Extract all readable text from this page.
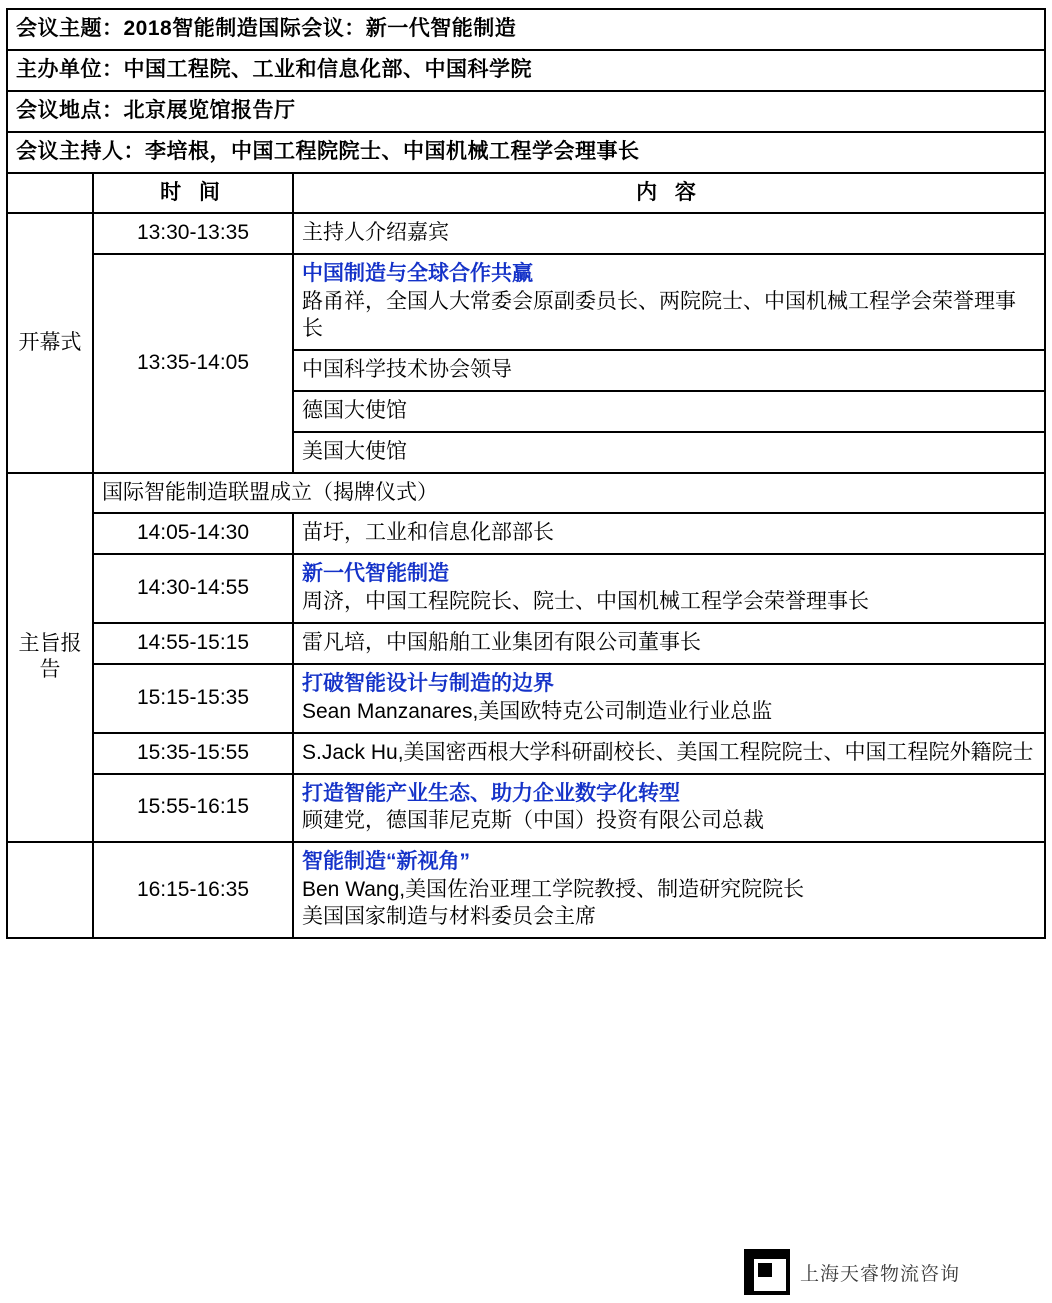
会议主题：2018智能制造国际会议：新一代智能制造		
主办单位：中国工程院、工业和信息化部、中国科学院		
会议地点：北京展览馆报告厅		
会议主持人：李培根，中国工程院院士、中国机械工程学会理事长		
	时 间	内 容
开幕式	13:30-13:35	主持人介绍嘉宾

	13:35-14:05	中国制造与全球合作共赢
路甬祥，全国人大常委会原副委员长、两院院士、中国机械工程学会荣誉理事长

		中国科学技术协会领导

		德国大使馆

		美国大使馆

主旨报告	国际智能制造联盟成立（揭牌仪式）	

	14:05-14:30	苗圩，工业和信息化部部长

	14:30-14:55	新一代智能制造
周济，中国工程院院长、院士、中国机械工程学会荣誉理事长

	14:55-15:15	雷凡培，中国船舶工业集团有限公司董事长

	15:15-15:35	打破智能设计与制造的边界
Sean Manzanares,美国欧特克公司制造业行业总监

	15:35-15:55	S.Jack Hu,美国密西根大学科研副校长、美国工程院院士、中国工程院外籍院士

	15:55-16:15	打造智能产业生态、助力企业数字化转型
顾建党，德国菲尼克斯（中国）投资有限公司总裁

	16:15-16:35	智能制造“新视角”
Ben Wang,美国佐治亚理工学院教授、制造研究院院长
美国国家制造与材料委员会主席
上海天睿物流咨询
